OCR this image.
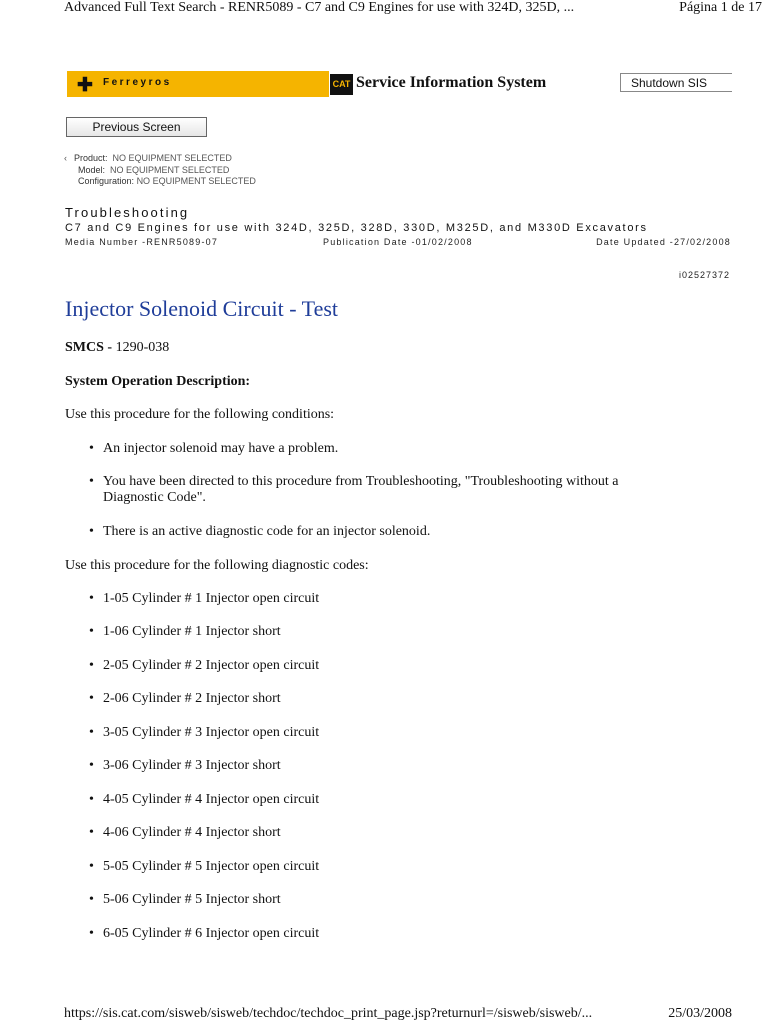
Advanced Full Text Search - RENR5089 - C7 and C9 Engines for use with 324D, 325D, ...	Página 1 de 17
✚ Ferreyros	CAT Service Information System	Shutdown SIS
Previous Screen
‹ Product: NO EQUIPMENT SELECTED
Model: NO EQUIPMENT SELECTED
Configuration: NO EQUIPMENT SELECTED
Troubleshooting
C7 and C9 Engines for use with 324D, 325D, 328D, 330D, M325D, and M330D Excavators
Media Number -RENR5089-07	Publication Date -01/02/2008	Date Updated -27/02/2008
i02527372
Injector Solenoid Circuit - Test
SMCS - 1290-038
System Operation Description:
Use this procedure for the following conditions:
• An injector solenoid may have a problem.
• You have been directed to this procedure from Troubleshooting, "Troubleshooting without a
Diagnostic Code".
• There is an active diagnostic code for an injector solenoid.
Use this procedure for the following diagnostic codes:
• 1-05 Cylinder # 1 Injector open circuit
• 1-06 Cylinder # 1 Injector short
• 2-05 Cylinder # 2 Injector open circuit
• 2-06 Cylinder # 2 Injector short
• 3-05 Cylinder # 3 Injector open circuit
• 3-06 Cylinder # 3 Injector short
• 4-05 Cylinder # 4 Injector open circuit
• 4-06 Cylinder # 4 Injector short
• 5-05 Cylinder # 5 Injector open circuit
• 5-06 Cylinder # 5 Injector short
• 6-05 Cylinder # 6 Injector open circuit
https://sis.cat.com/sisweb/sisweb/techdoc/techdoc_print_page.jsp?returnurl=/sisweb/sisweb/...	25/03/2008
